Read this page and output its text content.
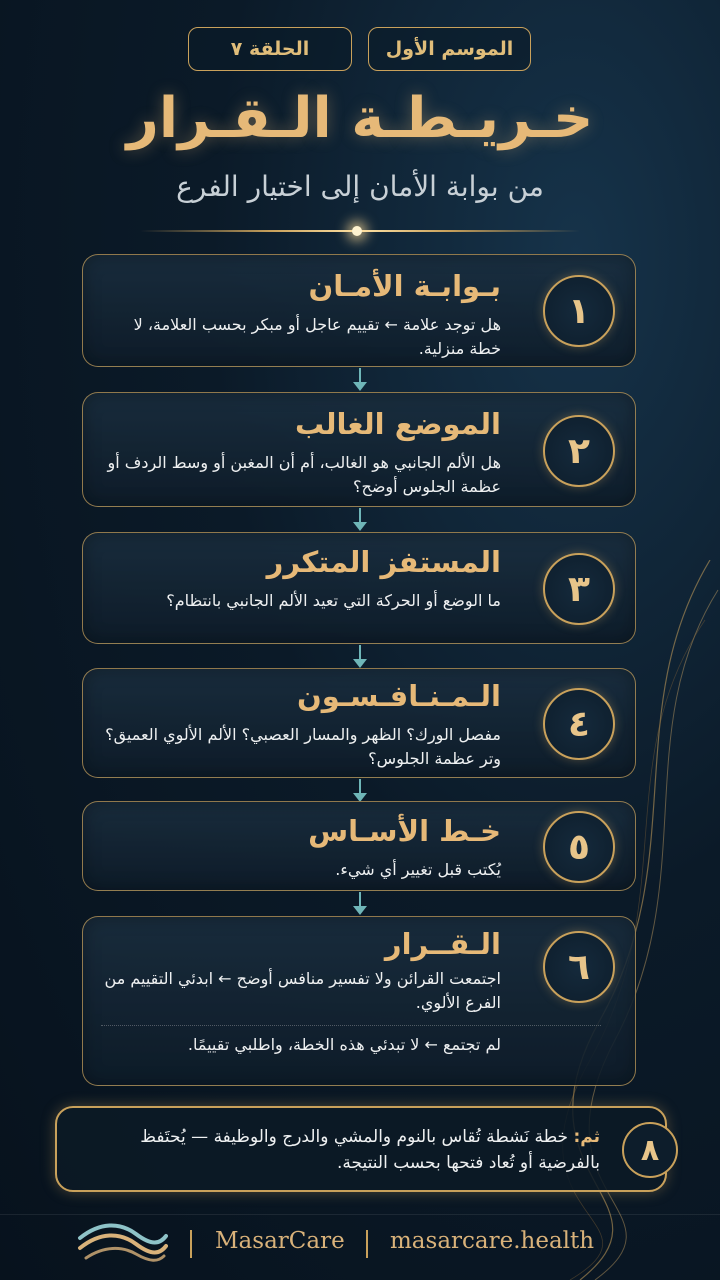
الموسم الأول
الحلقة ٧
خـريـطـة الـقـرار
من بوابة الأمان إلى اختيار الفرع
١
بـوابـة الأمـان
هل توجد علامة ← تقييم عاجل أو مبكر بحسب العلامة، لا خطة منزلية.
٢
الموضع الغالب
هل الألم الجانبي هو الغالب، أم أن المغبن أو وسط الردف أو عظمة الجلوس أوضح؟
٣
المستفز المتكرر
ما الوضع أو الحركة التي تعيد الألم الجانبي بانتظام؟
٤
الـمـنـافـسـون
مفصل الورك؟ الظهر والمسار العصبي؟ الألم الألوي العميق؟ وتر عظمة الجلوس؟
٥
خـط الأسـاس
يُكتب قبل تغيير أي شيء.
٦
الـقــرار
اجتمعت القرائن ولا تفسير منافس أوضح ← ابدئي التقييم من الفرع الألوي.
لم تجتمع ← لا تبدئي هذه الخطة، واطلبي تقييمًا.
٨
ثم: خطة نَشطة تُقاس بالنوم والمشي والدرج والوظيفة — يُحتَفظ بالفرضية أو تُعاد فتحها بحسب النتيجة.
MasarCare masarcare.health
